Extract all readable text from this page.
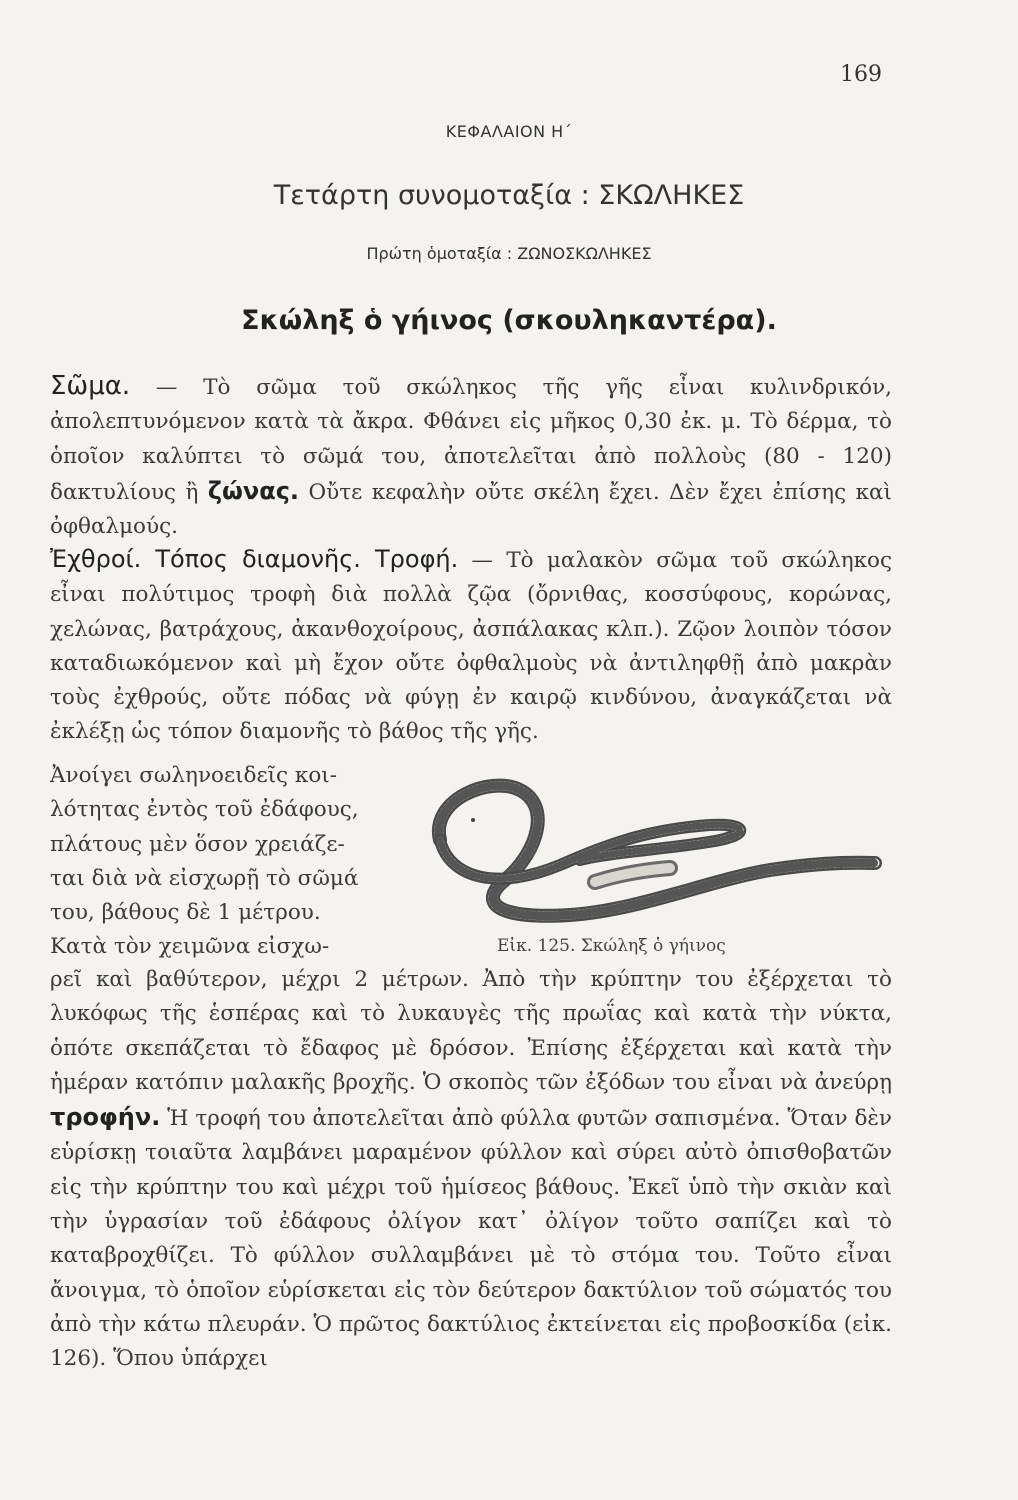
169
ΚΕΦΑΛΑΙΟΝ Η΄
Τετάρτη συνομοταξία : ΣΚΩΛΗΚΕΣ
Πρώτη ὁμοταξία : ΖΩΝΟΣΚΩΛΗΚΕΣ
Σκώληξ ὁ γήινος (σκουληκαντέρα).
Σῶμα. — Τὸ σῶμα τοῦ σκώληκος τῆς γῆς εἶναι κυλινδρικόν, ἀπολεπτυνόμενον κατὰ τὰ ἄκρα. Φθάνει εἰς μῆκος 0,30 ἐκ. μ. Τὸ δέρμα, τὸ ὁποῖον καλύπτει τὸ σῶμά του, ἀποτελεῖται ἀπὸ πολλοὺς (80 - 120) δακτυλίους ἢ ζώνας. Οὔτε κεφαλὴν οὔτε σκέλη ἔχει. Δὲν ἔχει ἐπίσης καὶ ὀφθαλμούς.
Ἐχθροί. Τόπος διαμονῆς. Τροφή. — Τὸ μαλακὸν σῶμα τοῦ σκώληκος εἶναι πολύτιμος τροφὴ διὰ πολλὰ ζῷα (ὄρνιθας, κοσσύφους, κορώνας, χελώνας, βατράχους, ἀκανθοχοίρους, ἀσπάλακας κλπ.). Ζῷον λοιπὸν τόσον καταδιωκόμενον καὶ μὴ ἔχον οὔτε ὀφθαλμοὺς νὰ ἀντιληφθῇ ἀπὸ μακρὰν τοὺς ἐχθρούς, οὔτε πόδας νὰ φύγῃ ἐν καιρῷ κινδύνου, ἀναγκάζεται νὰ ἐκλέξῃ ὡς τόπον διαμονῆς τὸ βάθος τῆς γῆς.
Ἀνοίγει σωληνοειδεῖς κοι-
λότητας ἐντὸς τοῦ ἐδάφους,
πλάτους μὲν ὅσον χρειάζε-
ται διὰ νὰ εἰσχωρῇ τὸ σῶμά
του, βάθους δὲ 1 μέτρου.
Κατὰ τὸν χειμῶνα εἰσχω-	Εἰκ. 125. Σκώληξ ὁ γήινος
ρεῖ καὶ βαθύτερον, μέχρι 2 μέτρων. Ἀπὸ τὴν κρύπτην του ἐξέρχεται τὸ λυκόφως τῆς ἑσπέρας καὶ τὸ λυκαυγὲς τῆς πρωΐας καὶ κατὰ τὴν νύκτα, ὁπότε σκεπάζεται τὸ ἔδαφος μὲ δρόσον. Ἐπίσης ἐξέρχεται καὶ κατὰ τὴν ἡμέραν κατόπιν μαλακῆς βροχῆς. Ὁ σκοπὸς τῶν ἐξόδων του εἶναι νὰ ἀνεύρῃ τροφήν. Ἡ τροφή του ἀποτελεῖται ἀπὸ φύλλα φυτῶν σαπισμένα. Ὅταν δὲν εὑρίσκῃ τοιαῦτα λαμβάνει μαραμένον φύλλον καὶ σύρει αὐτὸ ὀπισθοβατῶν εἰς τὴν κρύπτην του καὶ μέχρι τοῦ ἡμίσεος βάθους. Ἐκεῖ ὑπὸ τὴν σκιὰν καὶ τὴν ὑγρασίαν τοῦ ἐδάφους ὀλίγον κατ᾽ ὀλίγον τοῦτο σαπίζει καὶ τὸ καταβροχθίζει. Τὸ φύλλον συλλαμβάνει μὲ τὸ στόμα του. Τοῦτο εἶναι ἄνοιγμα, τὸ ὁποῖον εὑρίσκεται εἰς τὸν δεύτερον δακτύλιον τοῦ σώματός του ἀπὸ τὴν κάτω πλευράν. Ὁ πρῶτος δακτύλιος ἐκτείνεται εἰς προβοσκίδα (εἰκ. 126). Ὅπου ὑπάρχει
